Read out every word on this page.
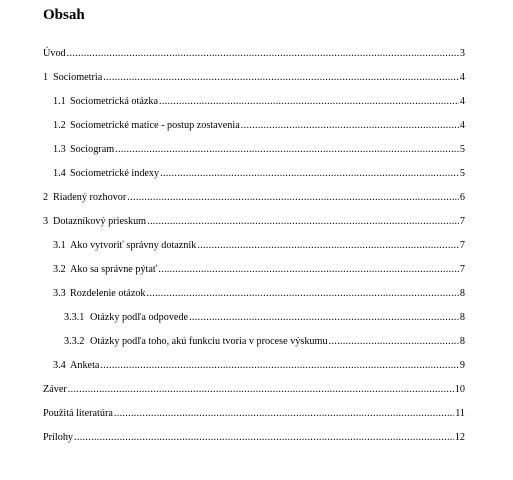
Obsah
Úvod .....	3
1 Sociometria .....	4
1.1 Sociometrická otázka .....	4
1.2 Sociometrické matice - postup zostavenia .....	4
1.3 Sociogram .....	5
1.4 Sociometrické indexy .....	5
2 Riadený rozhovor .....	6
3 Dotazníkový prieskum .....	7
3.1 Ako vytvoriť správny dotazník .....	7
3.2 Ako sa správne pýtať .....	7
3.3 Rozdelenie otázok .....	8
3.3.1 Otázky podľa odpovede .....	8
3.3.2 Otázky podľa toho, akú funkciu tvoria v procese výskumu .....	8
3.4 Anketa .....	9
Záver .....	10
Použitá literatúra .....	11
Prílohy .....	12
